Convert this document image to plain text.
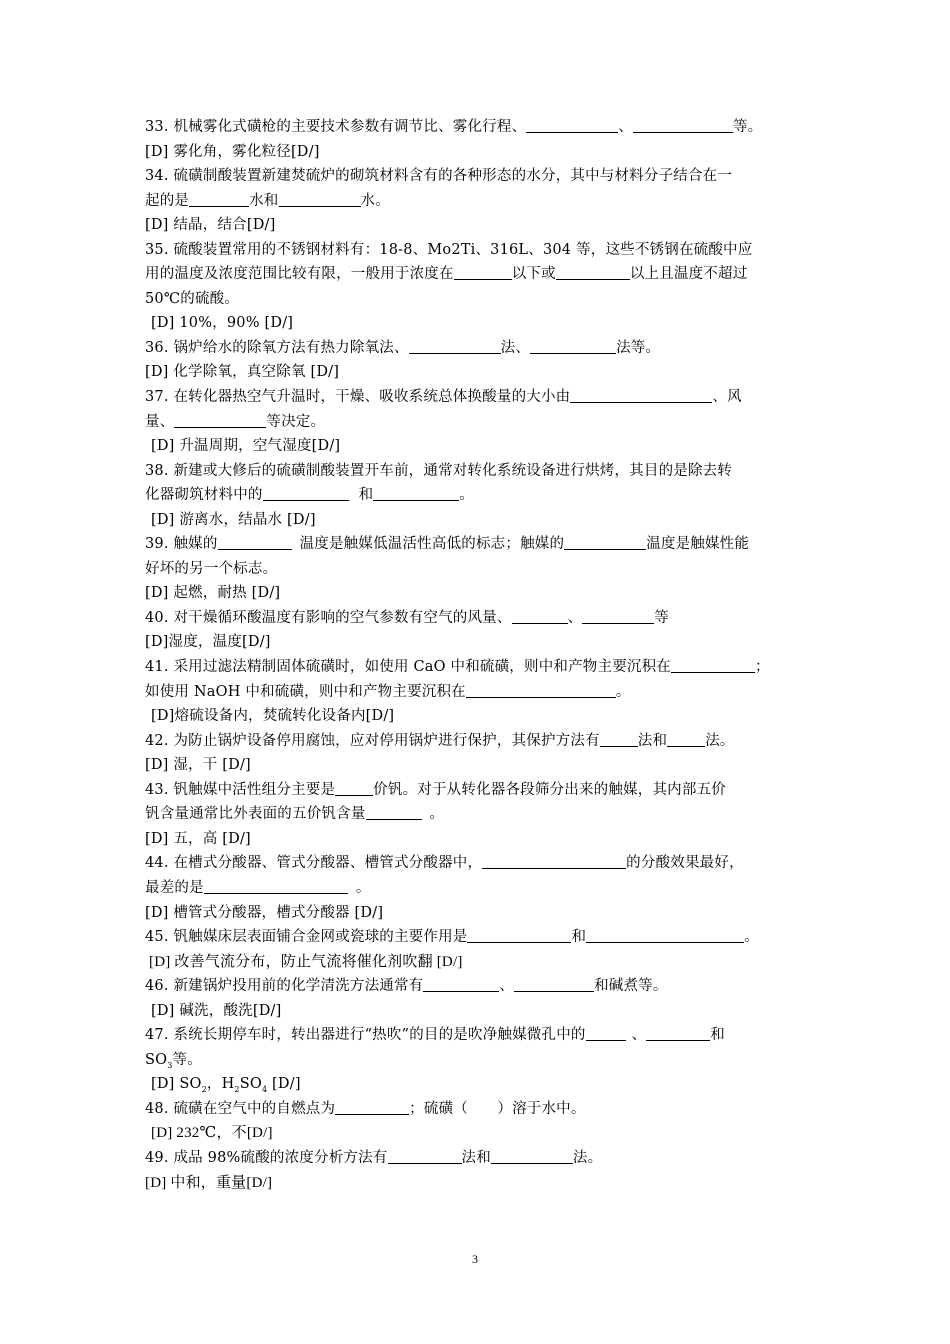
33. 机械雾化式磺枪的主要技术参数有调节比、雾化行程、	、	等。
[D] 雾化角，雾化粒径[D/]
34. 硫磺制酸装置新建焚硫炉的砌筑材料含有的各种形态的水分，其中与材料分子结合在一
起的是	水和	水。
[D] 结晶，结合[D/]
35. 硫酸装置常用的不锈钢材料有：18-8、Mo2Ti、316L、304 等，这些不锈钢在硫酸中应
用的温度及浓度范围比较有限，一般用于浓度在	以下或	以上且温度不超过
50℃的硫酸。
[D] 10%，90% [D/]
36. 锅炉给水的除氧方法有热力除氧法、	法、	法等。
[D] 化学除氧，真空除氧 [D/]
37. 在转化器热空气升温时，干燥、吸收系统总体换酸量的大小由	、风
量、	等决定。
[D] 升温周期，空气湿度[D/]
38. 新建或大修后的硫磺制酸装置开车前，通常对转化系统设备进行烘烤，其目的是除去转
化器砌筑材料中的	和	。
[D] 游离水，结晶水 [D/]
39. 触媒的	温度是触媒低温活性高低的标志；触媒的	温度是触媒性能
好坏的另一个标志。
[D] 起燃，耐热 [D/]
40. 对干燥循环酸温度有影响的空气参数有空气的风量、	、	等
[D]湿度，温度[D/]
41. 采用过滤法精制固体硫磺时，如使用 CaO 中和硫磺，则中和产物主要沉积在	；
如使用 NaOH 中和硫磺，则中和产物主要沉积在	。
[D]熔硫设备内，焚硫转化设备内[D/]
42. 为防止锅炉设备停用腐蚀，应对停用锅炉进行保护，其保护方法有	法和	法。
[D] 湿，干 [D/]
43. 钒触媒中活性组分主要是	价钒。对于从转化器各段筛分出来的触媒，其内部五价
钒含量通常比外表面的五价钒含量	。
[D] 五，高 [D/]
44. 在槽式分酸器、管式分酸器、槽管式分酸器中，	的分酸效果最好，
最差的是	。
[D] 槽管式分酸器，槽式分酸器 [D/]
45. 钒触媒床层表面铺合金网或瓷球的主要作用是	和	。
[D] 改善气流分布，防止气流将催化剂吹翻 [D/]
46. 新建锅炉投用前的化学清洗方法通常有	、	和碱煮等。
[D] 碱洗，酸洗[D/]
47. 系统长期停车时，转出器进行“热吹”的目的是吹净触媒微孔中的	、	和
$SO_3$等。
[D] $SO_2$，$H_2SO_4$ [D/]
48. 硫磺在空气中的自燃点为	；硫磺（　　）溶于水中。
[D] 232℃，不[D/]
49. 成品 98%硫酸的浓度分析方法有	法和	法。
[D] 中和，重量[D/]
3
